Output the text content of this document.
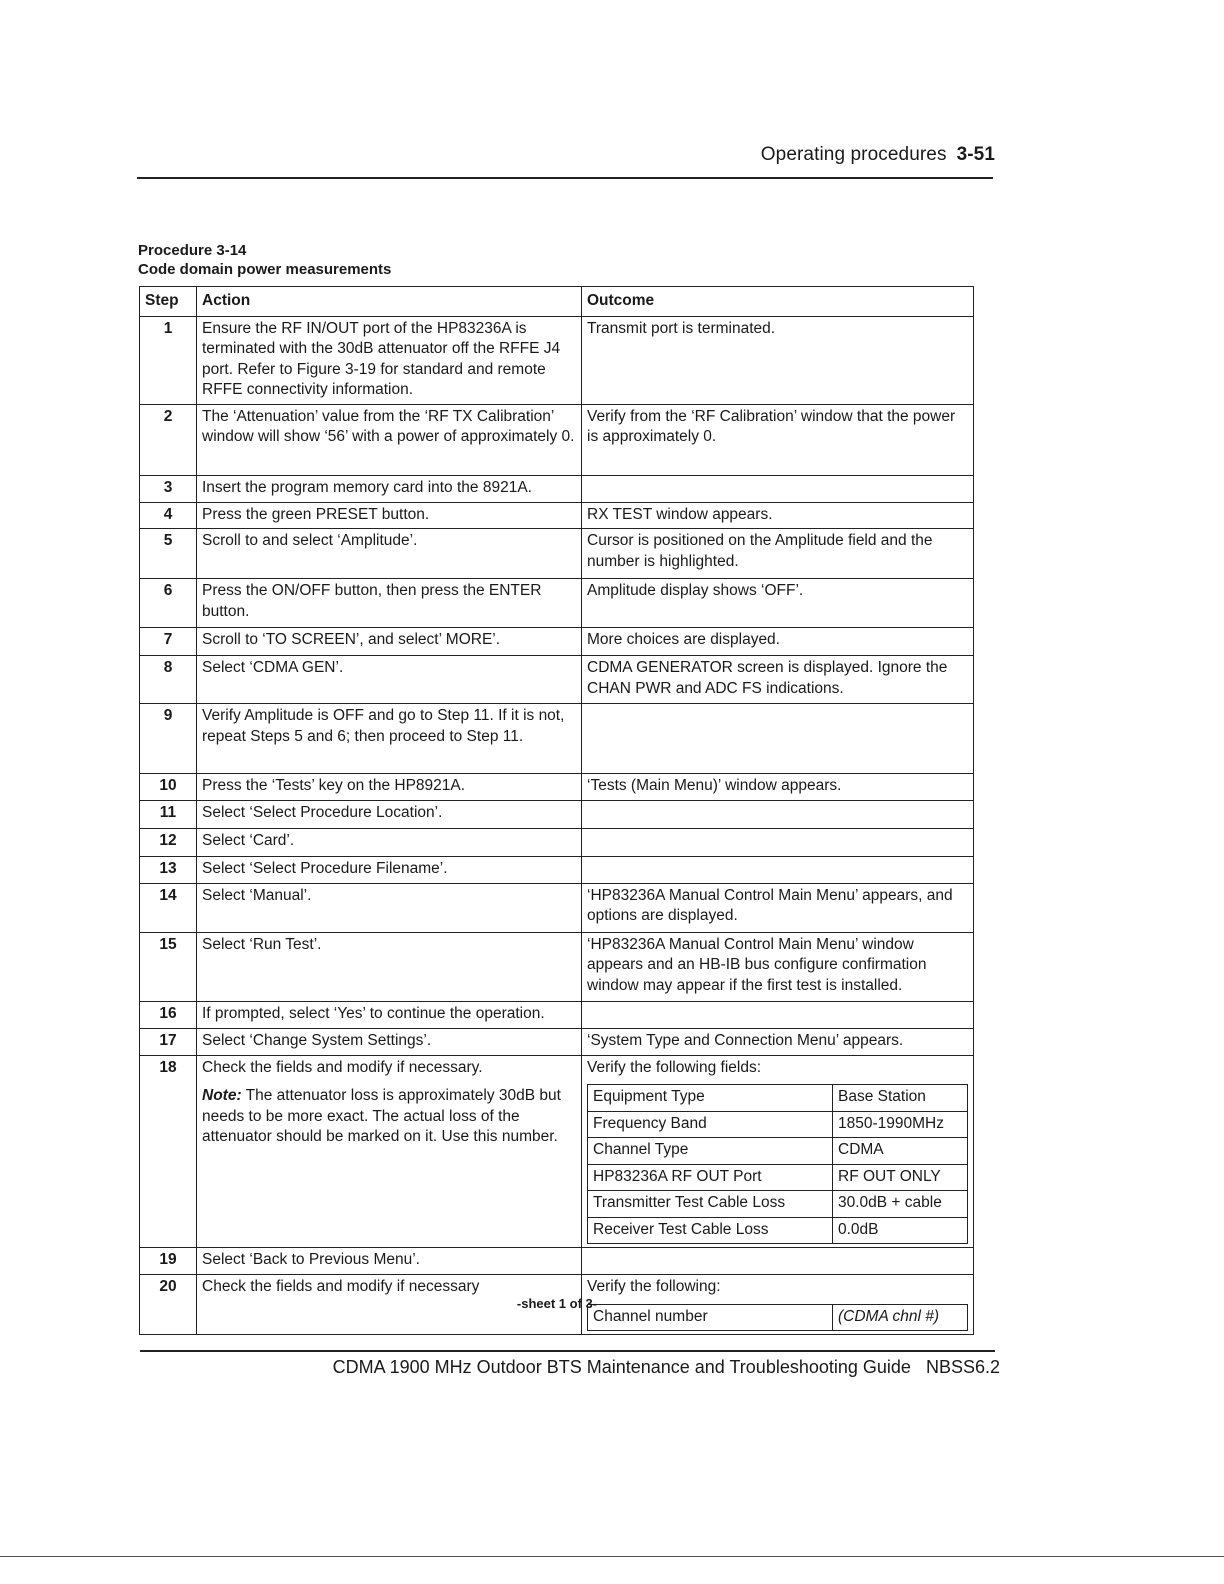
Operating procedures 3-51
Procedure 3-14
Code domain power measurements
Step	Action	Outcome
1	Ensure the RF IN/OUT port of the HP83236A is terminated with the 30dB attenuator off the RFFE J4 port. Refer to Figure 3-19 for standard and remote RFFE connectivity information.	Transmit port is terminated.
2	The ‘Attenuation’ value from the ‘RF TX Calibration’ window will show ‘56’ with a power of approximately 0.	Verify from the ‘RF Calibration’ window that the power is approximately 0.
3	Insert the program memory card into the 8921A.	
4	Press the green PRESET button.	RX TEST window appears.
5	Scroll to and select ‘Amplitude’.	Cursor is positioned on the Amplitude field and the number is highlighted.
6	Press the ON/OFF button, then press the ENTER button.	Amplitude display shows ‘OFF’.
7	Scroll to ‘TO SCREEN’, and select’ MORE’.	More choices are displayed.
8	Select ‘CDMA GEN’.	CDMA GENERATOR screen is displayed. Ignore the CHAN PWR and ADC FS indications.
9	Verify Amplitude is OFF and go to Step 11. If it is not, repeat Steps 5 and 6; then proceed to Step 11.	
10	Press the ‘Tests’ key on the HP8921A.	‘Tests (Main Menu)’ window appears.
11	Select ‘Select Procedure Location’.	
12	Select ‘Card’.	
13	Select ‘Select Procedure Filename’.	
14	Select ‘Manual’.	‘HP83236A Manual Control Main Menu’ appears, and options are displayed.
15	Select ‘Run Test’.	‘HP83236A Manual Control Main Menu’ window appears and an HB-IB bus configure confirmation window may appear if the first test is installed.
16	If prompted, select ‘Yes’ to continue the operation.	
17	Select ‘Change System Settings’.	‘System Type and Connection Menu’ appears.
18	Check the fields and modify if necessary.
Note: The attenuator loss is approximately 30dB but needs to be more exact. The actual loss of the attenuator should be marked on it. Use this number.

Verify the following fields:
Equipment Type	Base Station
Frequency Band	1850-1990MHz
Channel Type	CDMA
HP83236A RF OUT Port	RF OUT ONLY
Transmitter Test Cable Loss	30.0dB + cable
Receiver Test Cable Loss	0.0dB

19	Select ‘Back to Previous Menu’.	
20	Check the fields and modify if necessary	Verify the following:
Channel number	(CDMA chnl #)
-sheet 1 of 3-
CDMA 1900 MHz Outdoor BTS Maintenance and Troubleshooting Guide NBSS6.2
